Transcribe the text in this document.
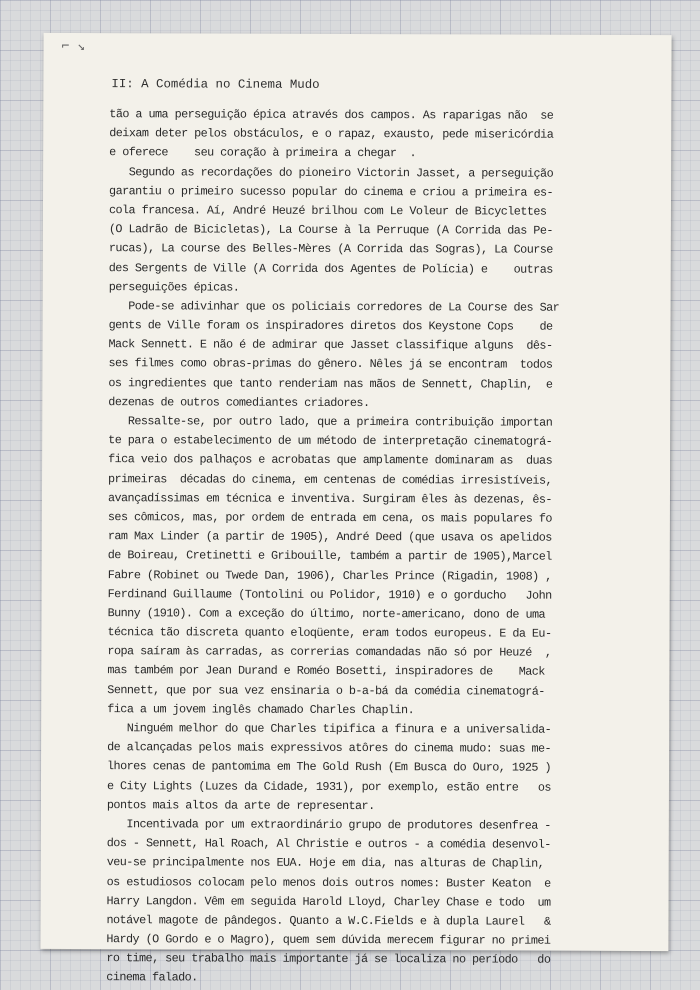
⌐ ↘
II: A Comédia no Cinema Mudo
tão a uma perseguição épica através dos campos. As raparigas não  se
deixam deter pelos obstáculos, e o rapaz, exausto, pede misericórdia
e oferece    seu coração à primeira a chegar  .
Segundo as recordações do pioneiro Victorin Jasset, a perseguição
garantiu o primeiro sucesso popular do cinema e criou a primeira es-
cola francesa. Aí, André Heuzé brilhou com Le Voleur de Bicyclettes
(O Ladrão de Bicicletas), La Course à la Perruque (A Corrida das Pe-
rucas), La course des Belles-Mères (A Corrida das Sogras), La Course
des Sergents de Ville (A Corrida dos Agentes de Polícia) e    outras
perseguições épicas.
Pode-se adivinhar que os policiais corredores de La Course des Sar
gents de Ville foram os inspiradores diretos dos Keystone Cops    de
Mack Sennett. E não é de admirar que Jasset classifique alguns  dês-
ses filmes como obras-primas do gênero. Nêles já se encontram  todos
os ingredientes que tanto renderiam nas mãos de Sennett, Chaplin,  e
dezenas de outros comediantes criadores.
Ressalte-se, por outro lado, que a primeira contribuição importan
te para o estabelecimento de um método de interpretação cinematográ-
fica veio dos palhaços e acrobatas que amplamente dominaram as  duas
primeiras  décadas do cinema, em centenas de comédias irresistíveis,
avançadíssimas em técnica e inventiva. Surgiram êles às dezenas, ês-
ses cômicos, mas, por ordem de entrada em cena, os mais populares fo
ram Max Linder (a partir de 1905), André Deed (que usava os apelidos
de Boireau, Cretinetti e Gribouille, também a partir de 1905),Marcel
Fabre (Robinet ou Twede Dan, 1906), Charles Prince (Rigadin, 1908) ,
Ferdinand Guillaume (Tontolini ou Polidor, 1910) e o gorducho   John
Bunny (1910). Com a exceção do último, norte-americano, dono de uma
técnica tão discreta quanto eloqüente, eram todos europeus. E da Eu-
ropa saíram às carradas, as correrias comandadas não só por Heuzé  ,
mas também por Jean Durand e Roméo Bosetti, inspiradores de    Mack
Sennett, que por sua vez ensinaria o b-a-bá da comédia cinematográ-
fica a um jovem inglês chamado Charles Chaplin.
Ninguém melhor do que Charles tipifica a finura e a universalida-
de alcançadas pelos mais expressivos atôres do cinema mudo: suas me-
lhores cenas de pantomima em The Gold Rush (Em Busca do Ouro, 1925 )
e City Lights (Luzes da Cidade, 1931), por exemplo, estão entre   os
pontos mais altos da arte de representar.
Incentivada por um extraordinário grupo de produtores desenfrea -
dos - Sennett, Hal Roach, Al Christie e outros - a comédia desenvol-
veu-se principalmente nos EUA. Hoje em dia, nas alturas de Chaplin,
os estudiosos colocam pelo menos dois outros nomes: Buster Keaton  e
Harry Langdon. Vêm em seguida Harold Lloyd, Charley Chase e todo  um
notável magote de pândegos. Quanto a W.C.Fields e à dupla Laurel   &
Hardy (O Gordo e o Magro), quem sem dúvida merecem figurar no primei
ro time, seu trabalho mais importante já se localiza no período   do
cinema falado.
